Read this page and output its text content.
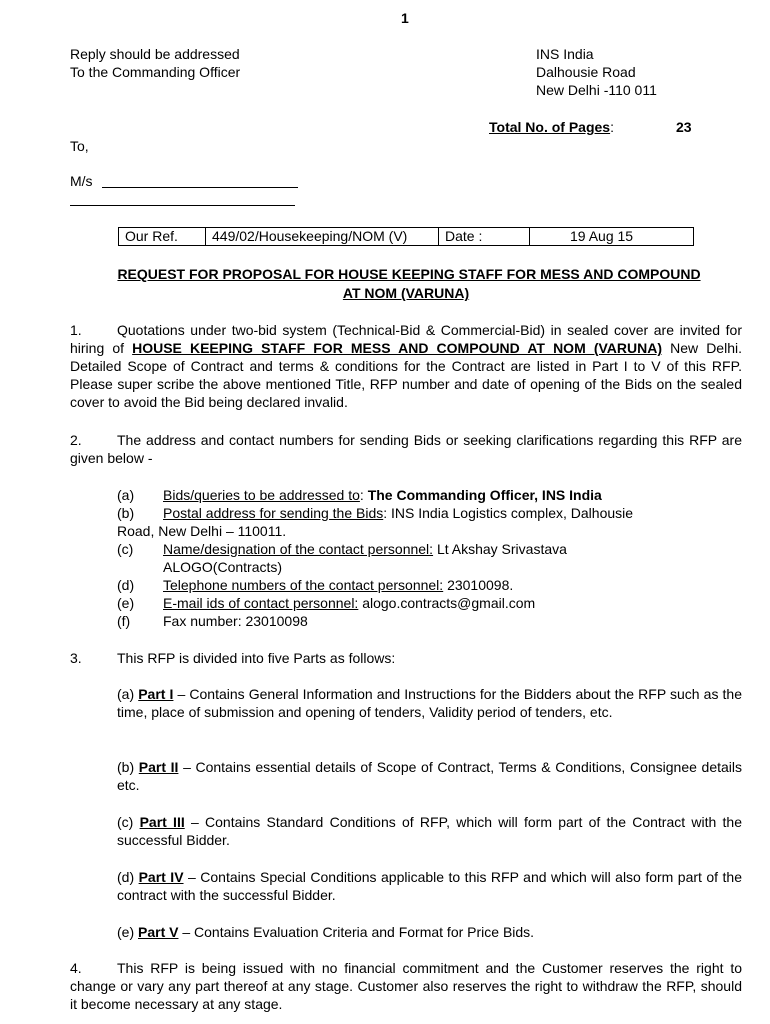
1
Reply should be addressed
To the Commanding Officer
INS India
Dalhousie Road
New Delhi -110 011
Total No. of Pages:	23
To,
M/s
Our Ref.	449/02/Housekeeping/NOM (V)	Date :	19 Aug 15
REQUEST FOR PROPOSAL FOR HOUSE KEEPING STAFF FOR MESS AND COMPOUND
AT NOM (VARUNA)
1.	Quotations under two-bid system (Technical-Bid & Commercial-Bid) in sealed cover are invited for hiring of HOUSE KEEPING STAFF FOR MESS AND COMPOUND AT NOM (VARUNA) New Delhi. Detailed Scope of Contract and terms & conditions for the Contract are listed in Part I to V of this RFP. Please super scribe the above mentioned Title, RFP number and date of opening of the Bids on the sealed cover to avoid the Bid being declared invalid.
2.	The address and contact numbers for sending Bids or seeking clarifications regarding this RFP are given below -
(a) Bids/queries to be addressed to: The Commanding Officer, INS India
(b) Postal address for sending the Bids: INS India Logistics complex, Dalhousie
Road, New Delhi – 110011.
(c) Name/designation of the contact personnel: Lt Akshay Srivastava
ALOGO(Contracts)
(d) Telephone numbers of the contact personnel: 23010098.
(e) E-mail ids of contact personnel: alogo.contracts@gmail.com
(f) Fax number: 23010098
3.	This RFP is divided into five Parts as follows:
(a) Part I – Contains General Information and Instructions for the Bidders about the RFP such as the time, place of submission and opening of tenders, Validity period of tenders, etc.
(b) Part II – Contains essential details of Scope of Contract, Terms & Conditions, Consignee details etc.
(c) Part III – Contains Standard Conditions of RFP, which will form part of the Contract with the successful Bidder.
(d) Part IV – Contains Special Conditions applicable to this RFP and which will also form part of the contract with the successful Bidder.
(e) Part V – Contains Evaluation Criteria and Format for Price Bids.
4.	This RFP is being issued with no financial commitment and the Customer reserves the right to change or vary any part thereof at any stage. Customer also reserves the right to withdraw the RFP, should it become necessary at any stage.
